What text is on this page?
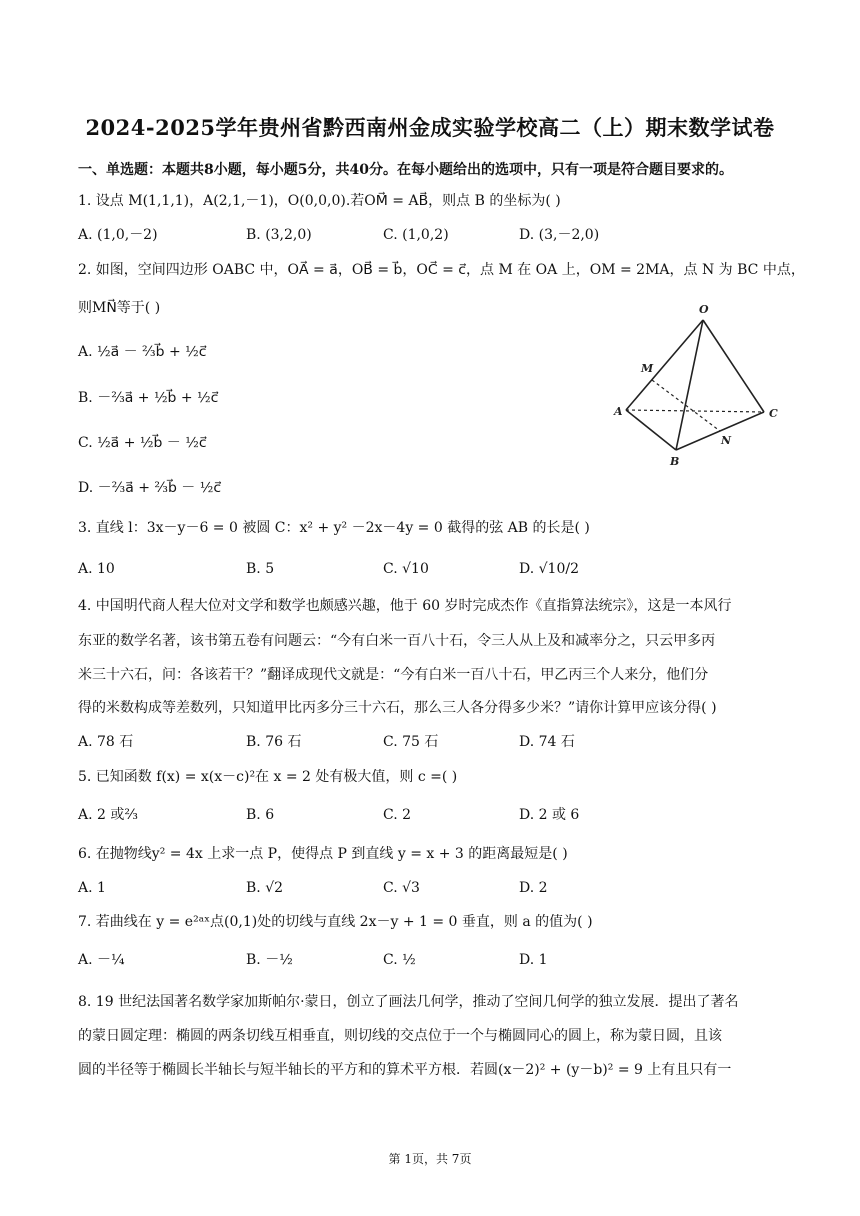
2024-2025学年贵州省黔西南州金成实验学校高二（上）期末数学试卷
一、单选题：本题共8小题，每小题5分，共40分。在每小题给出的选项中，只有一项是符合题目要求的。
1. 设点 M(1,1,1)，A(2,1,－1)，O(0,0,0).若OM⃗ = AB⃗，则点 B 的坐标为( )
A. (1,0,－2)	B. (3,2,0)	C. (1,0,2)	D. (3,－2,0)
2. 如图，空间四边形 OABC 中，OA⃗ = a⃗，OB⃗ = b⃗，OC⃗ = c⃗，点 M 在 OA 上，OM = 2MA，点 N 为 BC 中点，
则MN⃗等于( )
A. ½a⃗ － ⅔b⃗ + ½c⃗
B. －⅔a⃗ + ½b⃗ + ½c⃗
C. ½a⃗ + ½b⃗ － ½c⃗
D. －⅔a⃗ + ⅔b⃗ － ½c⃗
O
M
A
B
C
N
3. 直线 l：3x－y－6 = 0 被圆 C：x² + y² －2x－4y = 0 截得的弦 AB 的长是( )
A. 10	B. 5	C. √10	D. √10/2
4. 中国明代商人程大位对文学和数学也颇感兴趣，他于 60 岁时完成杰作《直指算法统宗》，这是一本风行
东亚的数学名著，该书第五卷有问题云：“今有白米一百八十石，令三人从上及和减率分之，只云甲多丙
米三十六石，问：各该若干？”翻译成现代文就是：“今有白米一百八十石，甲乙丙三个人来分，他们分
得的米数构成等差数列，只知道甲比丙多分三十六石，那么三人各分得多少米？”请你计算甲应该分得( )
A. 78 石	B. 76 石	C. 75 石	D. 74 石
5. 已知函数 f(x) = x(x－c)²在 x = 2 处有极大值，则 c =( )
A. 2 或⅔	B. 6	C. 2	D. 2 或 6
6. 在抛物线y² = 4x 上求一点 P，使得点 P 到直线 y = x + 3 的距离最短是( )
A. 1	B. √2	C. √3	D. 2
7. 若曲线在 y = e²ᵃˣ点(0,1)处的切线与直线 2x－y + 1 = 0 垂直，则 a 的值为( )
A. －¼	B. －½	C. ½	D. 1
8. 19 世纪法国著名数学家加斯帕尔·蒙日，创立了画法几何学，推动了空间几何学的独立发展．提出了著名
的蒙日圆定理：椭圆的两条切线互相垂直，则切线的交点位于一个与椭圆同心的圆上，称为蒙日圆，且该
圆的半径等于椭圆长半轴长与短半轴长的平方和的算术平方根．若圆(x－2)² + (y－b)² = 9 上有且只有一
第 1页，共 7页
